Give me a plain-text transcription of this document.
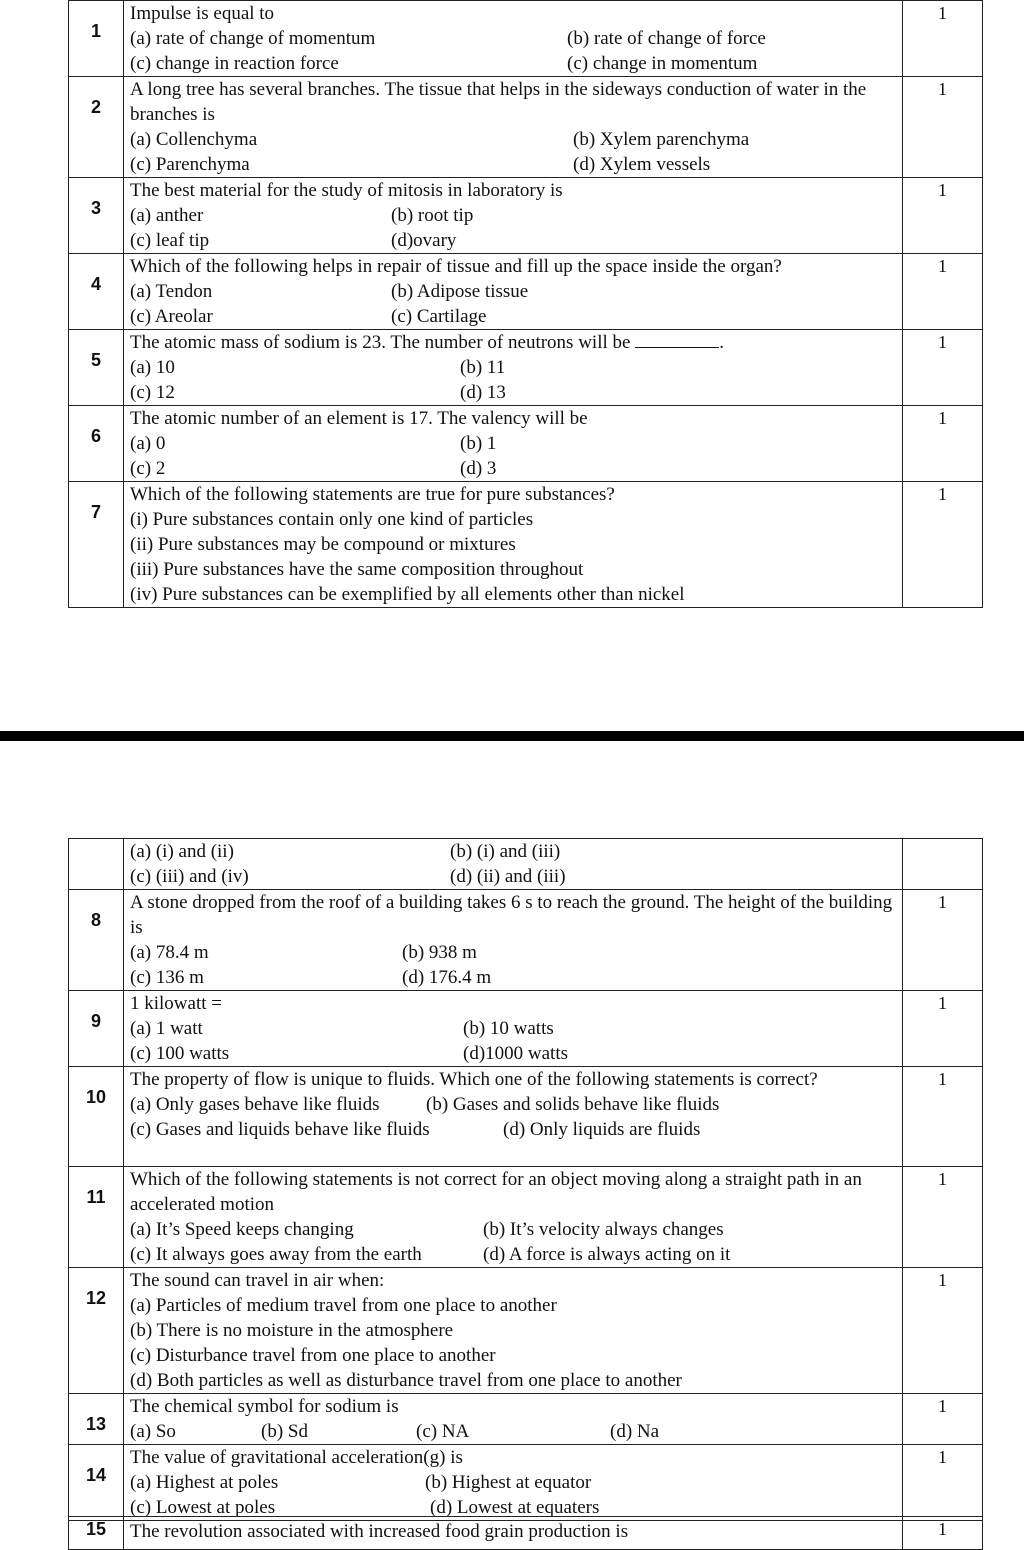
1	Impulse is equal to
(a) rate of change of momentum (b) rate of change of force
(c) change in reaction force (c) change in momentum	1
2	A long tree has several branches. The tissue that helps in the sideways conduction of water in the branches is
(a) Collenchyma (b) Xylem parenchyma
(c) Parenchyma (d) Xylem vessels	1
3	The best material for the study of mitosis in laboratory is
(a) anther (b) root tip
(c) leaf tip (d)ovary	1
4	Which of the following helps in repair of tissue and fill up the space inside the organ?
(a) Tendon (b) Adipose tissue
(c) Areolar (c) Cartilage	1
5	The atomic mass of sodium is 23. The number of neutrons will be .
(a) 10 (b) 11
(c) 12 (d) 13	1
6	The atomic number of an element is 17. The valency will be
(a) 0 (b) 1
(c) 2 (d) 3	1
7	Which of the following statements are true for pure substances?
(i) Pure substances contain only one kind of particles
(ii) Pure substances may be compound or mixtures
(iii) Pure substances have the same composition throughout
(iv) Pure substances can be exemplified by all elements other than nickel	1

	(a) (i) and (ii) (b) (i) and (iii)
(c) (iii) and (iv) (d) (ii) and (iii)	

8	A stone dropped from the roof of a building takes 6 s to reach the ground. The height of the building is
(a) 78.4 m (b) 938 m
(c) 136 m (d) 176.4 m	1
9	1 kilowatt =
(a) 1 watt (b) 10 watts
(c) 100 watts (d)1000 watts	1
10	The property of flow is unique to fluids. Which one of the following statements is correct?
(a) Only gases behave like fluids (b) Gases and solids behave like fluids
(c) Gases and liquids behave like fluids (d) Only liquids are fluids	1
11	Which of the following statements is not correct for an object moving along a straight path in an accelerated motion
(a) It’s Speed keeps changing (b) It’s velocity always changes
(c) It always goes away from the earth (d) A force is always acting on it	1
12	The sound can travel in air when:
(a) Particles of medium travel from one place to another
(b) There is no moisture in the atmosphere
(c) Disturbance travel from one place to another
(d) Both particles as well as disturbance travel from one place to another	1
13	The chemical symbol for sodium is
(a) So (b) Sd (c) NA (d) Na	1
14	The value of gravitational acceleration(g) is
(a) Highest at poles (b) Highest at equator
(c) Lowest at poles (d) Lowest at equaters	1
15	The revolution associated with increased food grain production is	1
